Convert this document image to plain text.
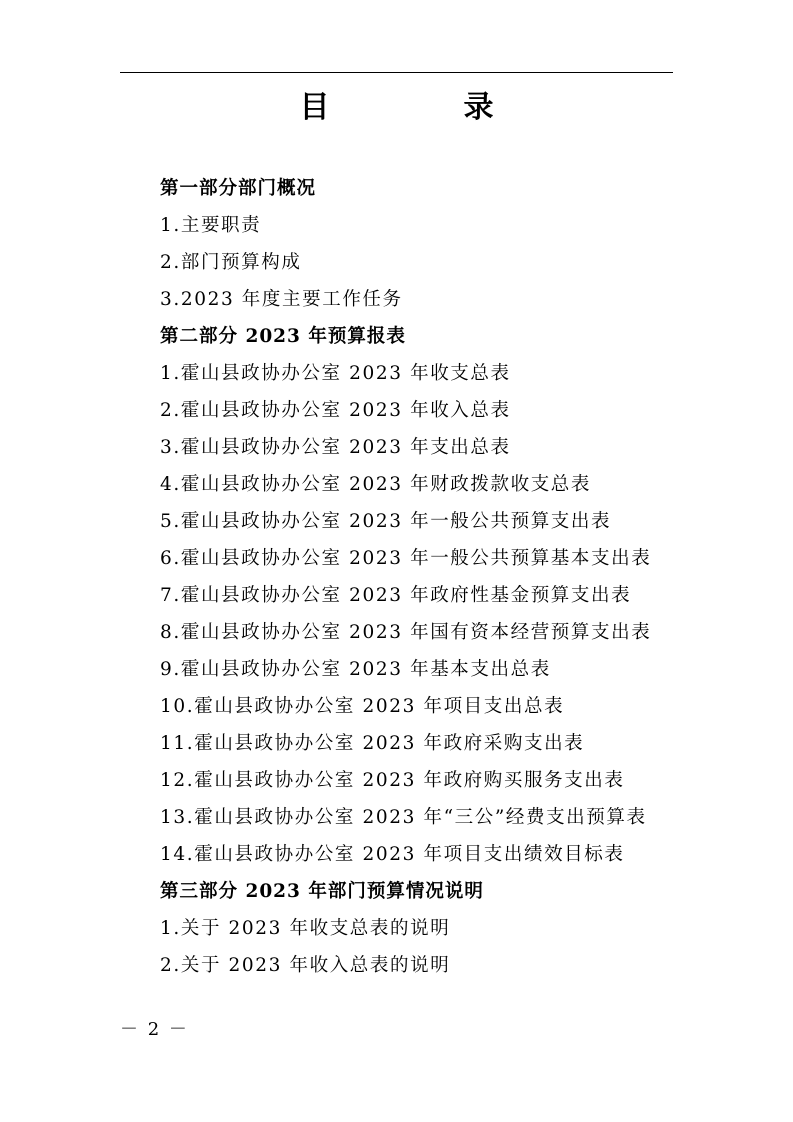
目　录
第一部分部门概况
1.主要职责
2.部门预算构成
3.2023 年度主要工作任务
第二部分 2023 年预算报表
1.霍山县政协办公室 2023 年收支总表
2.霍山县政协办公室 2023 年收入总表
3.霍山县政协办公室 2023 年支出总表
4.霍山县政协办公室 2023 年财政拨款收支总表
5.霍山县政协办公室 2023 年一般公共预算支出表
6.霍山县政协办公室 2023 年一般公共预算基本支出表
7.霍山县政协办公室 2023 年政府性基金预算支出表
8.霍山县政协办公室 2023 年国有资本经营预算支出表
9.霍山县政协办公室 2023 年基本支出总表
10.霍山县政协办公室 2023 年项目支出总表
11.霍山县政协办公室 2023 年政府采购支出表
12.霍山县政协办公室 2023 年政府购买服务支出表
13.霍山县政协办公室 2023 年“三公”经费支出预算表
14.霍山县政协办公室 2023 年项目支出绩效目标表
第三部分 2023 年部门预算情况说明
1.关于 2023 年收支总表的说明
2.关于 2023 年收入总表的说明
－ 2 －
